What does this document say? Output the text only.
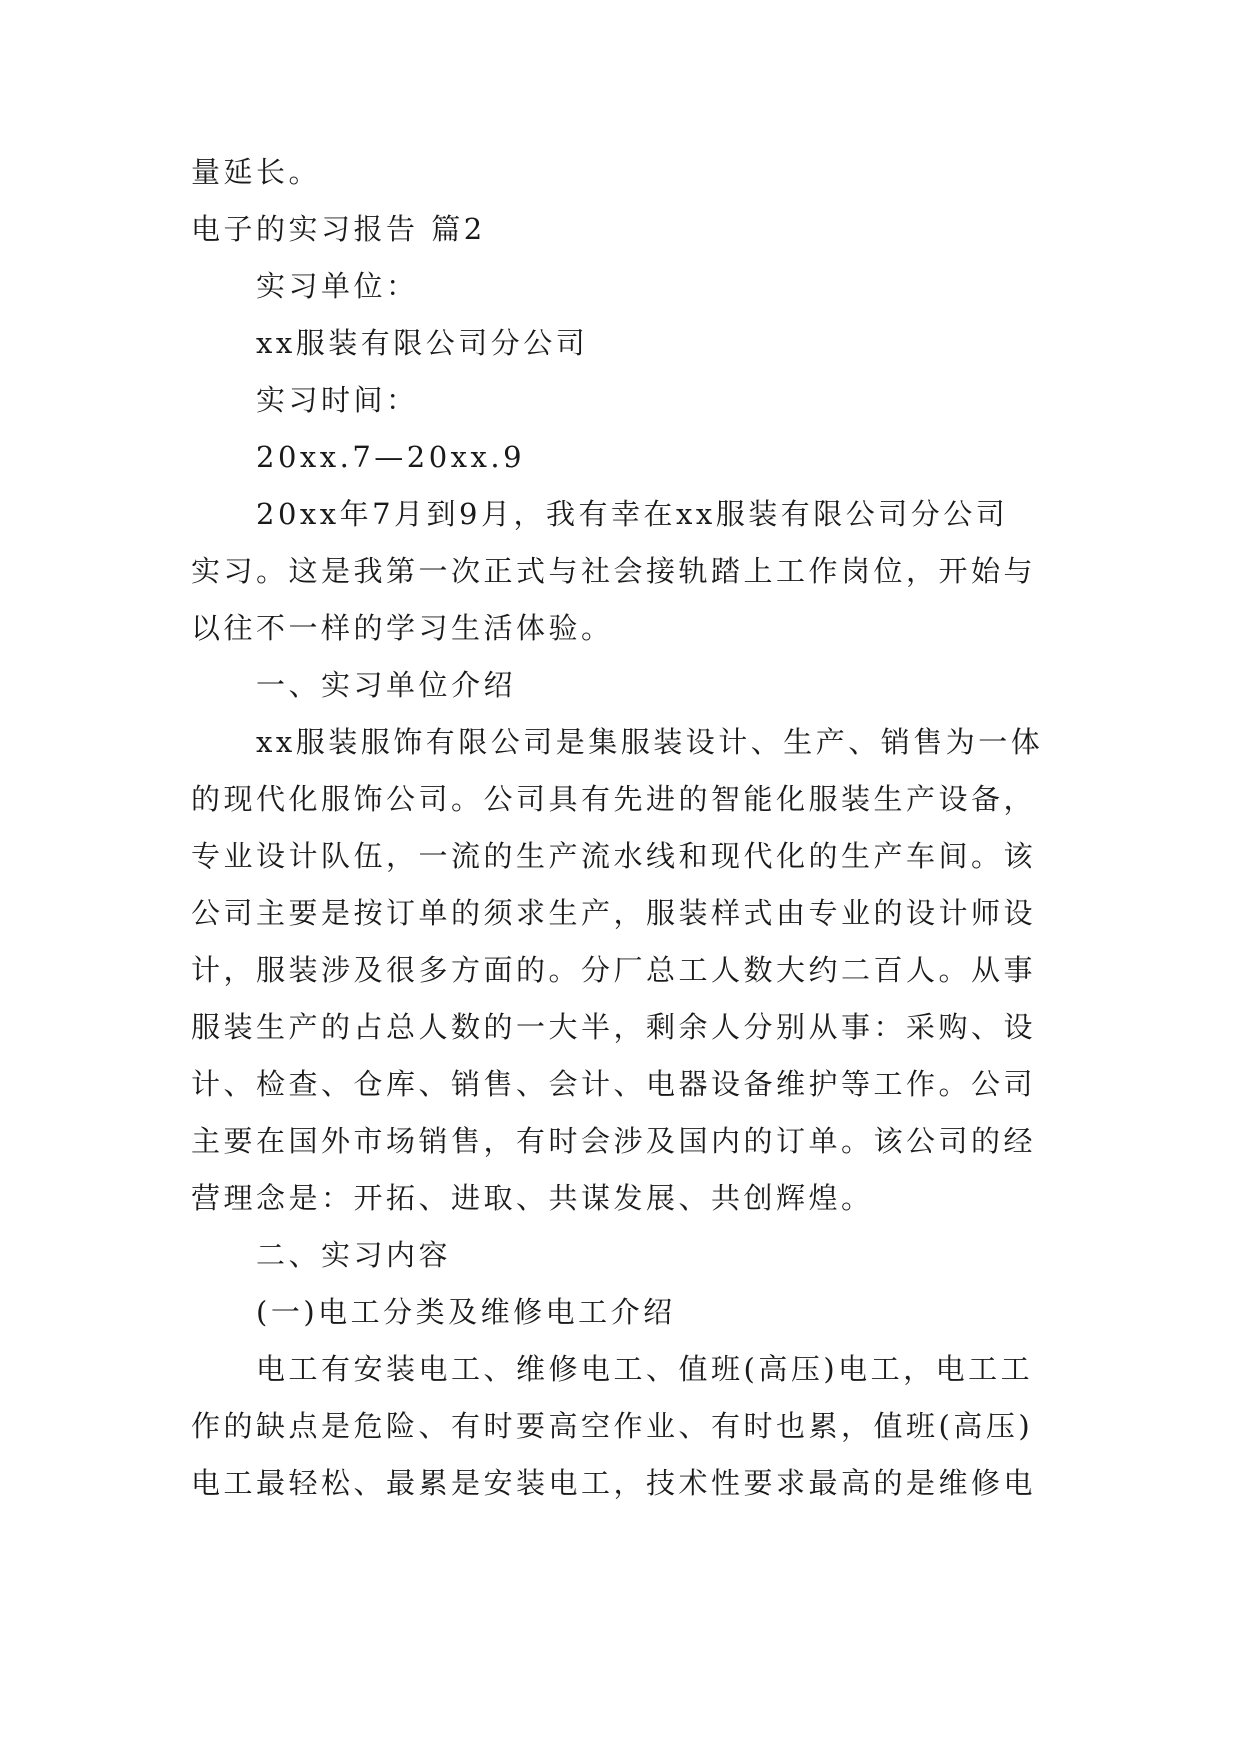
量延长。
电子的实习报告 篇2
实习单位：
xx服装有限公司分公司
实习时间：
20xx.7—20xx.9
20xx年7月到9月，我有幸在xx服装有限公司分公司
实习。这是我第一次正式与社会接轨踏上工作岗位，开始与
以往不一样的学习生活体验。
一、实习单位介绍
xx服装服饰有限公司是集服装设计、生产、销售为一体
的现代化服饰公司。公司具有先进的智能化服装生产设备，
专业设计队伍，一流的生产流水线和现代化的生产车间。该
公司主要是按订单的须求生产，服装样式由专业的设计师设
计，服装涉及很多方面的。分厂总工人数大约二百人。从事
服装生产的占总人数的一大半，剩余人分别从事：采购、设
计、检查、仓库、销售、会计、电器设备维护等工作。公司
主要在国外市场销售，有时会涉及国内的订单。该公司的经
营理念是：开拓、进取、共谋发展、共创辉煌。
二、实习内容
(一)电工分类及维修电工介绍
电工有安装电工、维修电工、值班(高压)电工，电工工
作的缺点是危险、有时要高空作业、有时也累，值班(高压)
电工最轻松、最累是安装电工，技术性要求最高的是维修电
